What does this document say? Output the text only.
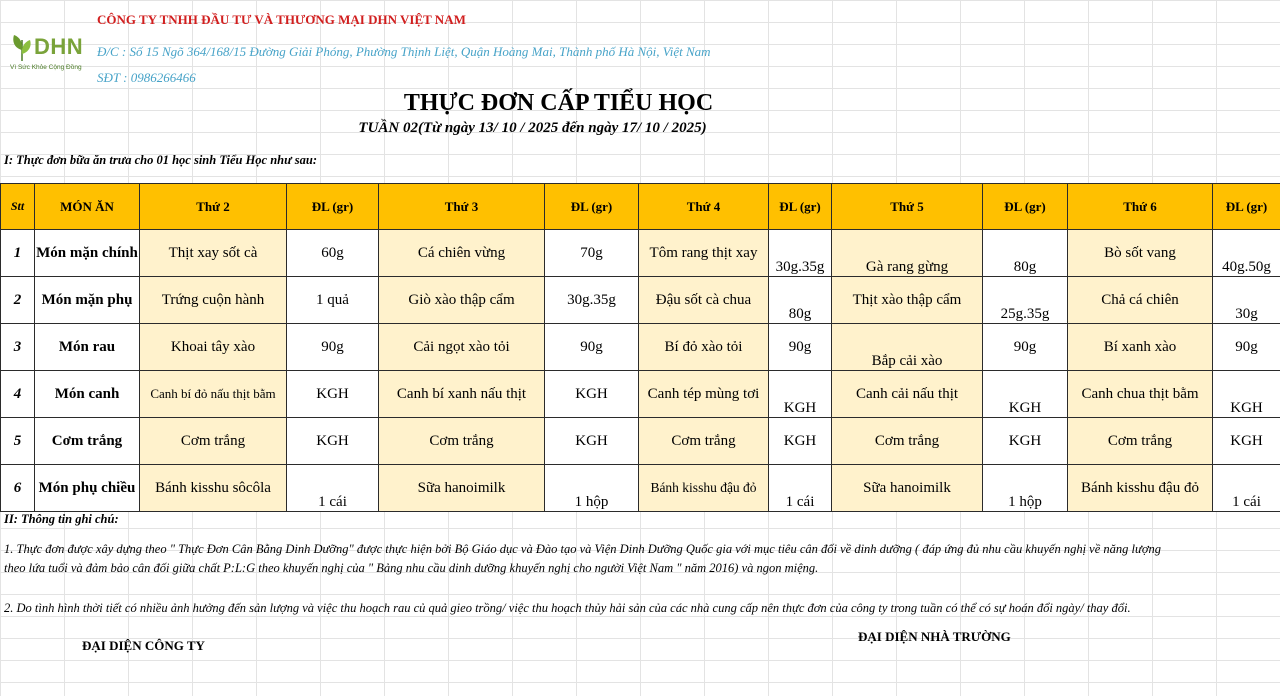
DHN
Vì Sức Khỏe Cộng Đồng
CÔNG TY TNHH ĐẦU TƯ VÀ THƯƠNG MẠI DHN VIỆT NAM
Đ/C : Số 15 Ngõ 364/168/15 Đường Giải Phóng, Phường Thịnh Liệt, Quận Hoàng Mai, Thành phố Hà Nội, Việt Nam
SĐT : 0986266466
THỰC ĐƠN CẤP TIỂU HỌC
TUẦN 02(Từ ngày 13/ 10 / 2025 đến ngày 17/ 10 / 2025)
I: Thực đơn bữa ăn trưa cho 01 học sinh Tiểu Học như sau:
Stt	MÓN ĂN	Thứ 2	ĐL (gr)	Thứ 3	ĐL (gr)	Thứ 4	ĐL (gr)	Thứ 5	ĐL (gr)	Thứ 6	ĐL (gr)
1	Món mặn chính	Thịt xay sốt cà	60g	Cá chiên vừng	70g	Tôm rang thịt xay	30g.35g	Gà rang gừng	80g	Bò sốt vang	40g.50g
2	Món mặn phụ	Trứng cuộn hành	1 quả	Giò xào thập cẩm	30g.35g	Đậu sốt cà chua	80g	Thịt xào thập cẩm	25g.35g	Chả cá chiên	30g
3	Món rau	Khoai tây xào	90g	Cải ngọt xào tỏi	90g	Bí đỏ xào tỏi	90g	Bắp cải xào	90g	Bí xanh xào	90g
4	Món canh	Canh bí đỏ nấu thịt bằm	KGH	Canh bí xanh nấu thịt	KGH	Canh tép mùng tơi	KGH	Canh cải nấu thịt	KGH	Canh chua thịt bằm	KGH
5	Cơm trắng	Cơm trắng	KGH	Cơm trắng	KGH	Cơm trắng	KGH	Cơm trắng	KGH	Cơm trắng	KGH
6	Món phụ chiều	Bánh kisshu sôcôla	1 cái	Sữa hanoimilk	1 hộp	Bánh kisshu đậu đỏ	1 cái	Sữa hanoimilk	1 hộp	Bánh kisshu đậu đỏ	1 cái
II: Thông tin ghi chú:
1. Thực đơn được xây dựng theo " Thực Đơn Cân Bằng Dinh Dưỡng" được thực hiện bởi Bộ Giáo dục và Đào tạo và Viện Dinh Dưỡng Quốc gia với mục tiêu cân đối về dinh dưỡng ( đáp ứng đủ nhu cầu khuyến nghị về năng lượng
theo lứa tuổi và đảm bảo cân đối giữa chất P:L:G theo khuyến nghị của " Bảng nhu cầu dinh dưỡng khuyến nghị cho người Việt Nam " năm 2016) và ngon miệng.
2. Do tình hình thời tiết có nhiều ảnh hưởng đến sản lượng và việc thu hoạch rau củ quả gieo trồng/ việc thu hoạch thủy hải sản của các nhà cung cấp nên thực đơn của công ty trong tuần có thể có sự hoán đổi ngày/ thay đổi.
ĐẠI DIỆN CÔNG TY
ĐẠI DIỆN NHÀ TRƯỜNG
